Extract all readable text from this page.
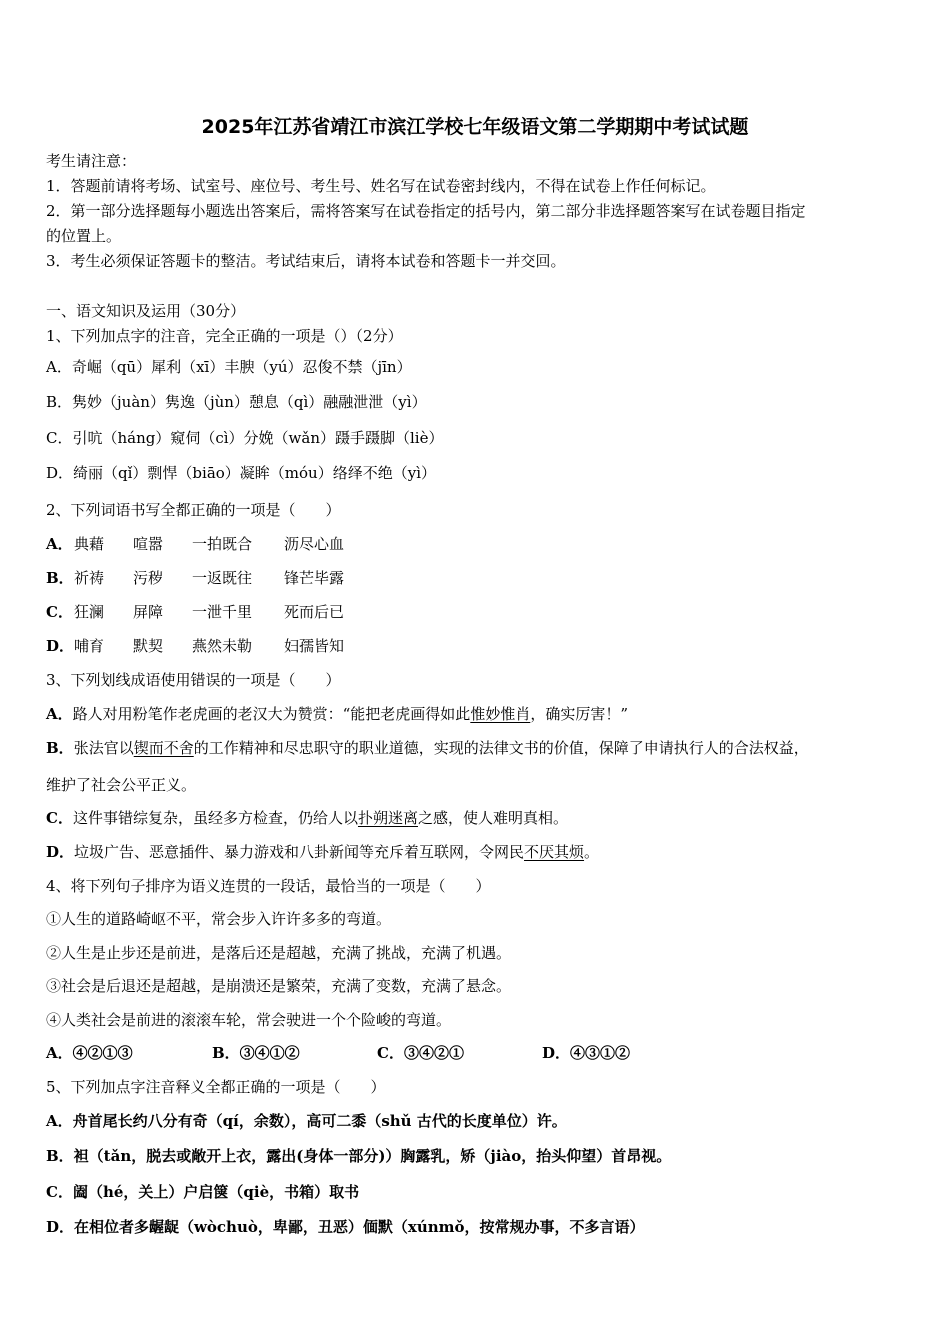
2025年江苏省靖江市滨江学校七年级语文第二学期期中考试试题
考生请注意：
1．答题前请将考场、试室号、座位号、考生号、姓名写在试卷密封线内，不得在试卷上作任何标记。
2．第一部分选择题每小题选出答案后，需将答案写在试卷指定的括号内，第二部分非选择题答案写在试卷题目指定
的位置上。
3．考生必须保证答题卡的整洁。考试结束后，请将本试卷和答题卡一并交回。
一、语文知识及运用（30分）
1、下列加点字的注音，完全正确的一项是（）（2分）
A．奇崛（qū）犀利（xī）丰腴（yú）忍俊不禁（jīn）
B．隽妙（juàn）隽逸（jùn）憩息（qì）融融泄泄（yì）
C．引吭（háng）窥伺（cì）分娩（wǎn）蹑手蹑脚（liè）
D．绮丽（qǐ）剽悍（biāo）凝眸（móu）络绎不绝（yì）
2、下列词语书写全都正确的一项是（　　）
A． 典藉 喧嚣 一拍既合 沥尽心血
B． 祈祷 污秽 一返既往 锋芒毕露
C． 狂澜 屏障 一泄千里 死而后已
D． 哺育 默契 燕然未勒 妇孺皆知
3、下列划线成语使用错误的一项是（　　）
A．路人对用粉笔作老虎画的老汉大为赞赏：“能把老虎画得如此惟妙惟肖，确实厉害！”
B．张法官以锲而不舍的工作精神和尽忠职守的职业道德，实现的法律文书的价值，保障了申请执行人的合法权益，
维护了社会公平正义。
C．这件事错综复杂，虽经多方检查，仍给人以扑朔迷离之感，使人难明真相。
D．垃圾广告、恶意插件、暴力游戏和八卦新闻等充斥着互联网，令网民不厌其烦。
4、将下列句子排序为语义连贯的一段话，最恰当的一项是（　　）
①人生的道路崎岖不平，常会步入许许多多的弯道。
②人生是止步还是前进，是落后还是超越，充满了挑战，充满了机遇。
③社会是后退还是超越，是崩溃还是繁荣，充满了变数，充满了悬念。
④人类社会是前进的滚滚车轮，常会驶进一个个险峻的弯道。
A．④②①③	B．③④①②	C．③④②①	D．④③①②
5、下列加点字注音释义全都正确的一项是（　　）
A．舟首尾长约八分有奇（qí，余数），高可二黍（shǔ 古代的长度单位）许。
B．袒（tǎn，脱去或敞开上衣，露出(身体一部分)）胸露乳，矫（jiào，抬头仰望）首昂视。
C．阖（hé，关上）户启箧（qiè，书箱）取书
D．在相位者多龌龊（wòchuò，卑鄙，丑恶）偭默（xúnmǒ，按常规办事，不多言语）
